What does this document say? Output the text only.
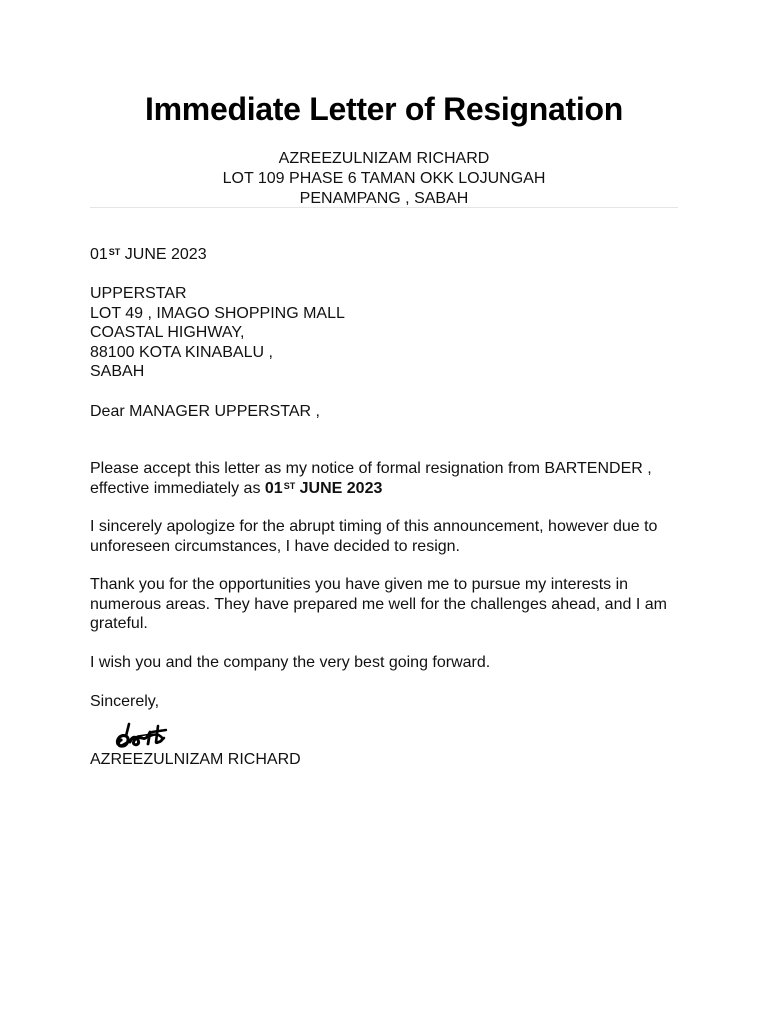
Immediate Letter of Resignation
AZREEZULNIZAM RICHARD
LOT 109 PHASE 6 TAMAN OKK LOJUNGAH
PENAMPANG , SABAH
01ST JUNE 2023
UPPERSTAR
LOT 49 , IMAGO SHOPPING MALL
COASTAL HIGHWAY,
88100 KOTA KINABALU ,
SABAH
Dear MANAGER UPPERSTAR ,
Please accept this letter as my notice of formal resignation from BARTENDER ,
effective immediately as 01ST JUNE 2023
I sincerely apologize for the abrupt timing of this announcement, however due to unforeseen circumstances, I have decided to resign.
Thank you for the opportunities you have given me to pursue my interests in numerous areas. They have prepared me well for the challenges ahead, and I am grateful.
I wish you and the company the very best going forward.
Sincerely,
AZREEZULNIZAM RICHARD
